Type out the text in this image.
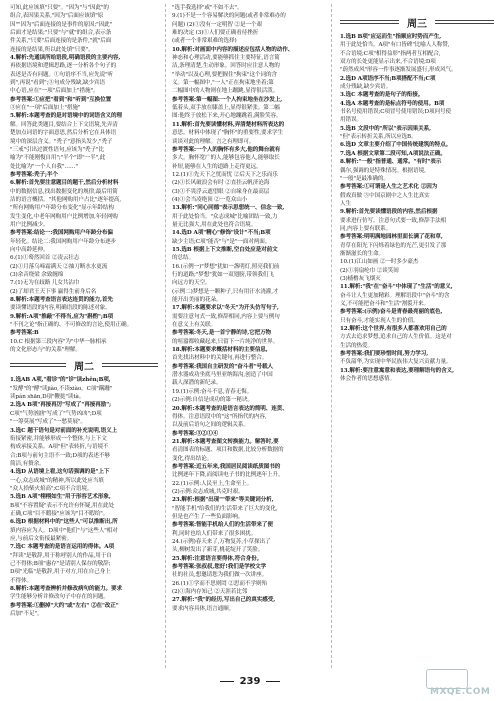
可知,此应该填"只要"。"因为"与"因此"的
组合,表因果关系,"因为"后面应该填"原
因""因为"后面连接的是事件的原因;"因此"
后面才是结果;"只要"与"就"的组合,表示条
件关系,"只要"后面连接的是条件,"就"后面
连接的是结果,所以此处填"只要"。
4.解析:先通读所给语段,明确语段的主要内容,
再依据语境和逻辑思路,逐一分析各个句子的
表述是否有问题。①句语序不当,应先说"听
到",再说"看到";③句成分残缺,缺少宾语
中心语,应在"一项"后面加上"措施"。
参考答案:①应把"看到"和"听到"互换位置
③应在"一项"后面加上"措施"
5.解析:本题考查的是对语境中的词语含义的理
解。回答此类题目,要结合上下文语境,先弄清
楚加点词语的字面意思,然后分析它在具体语
境中的深层含义。"秃子"意指头发少,"秃子
"三戒"引出过渡性语句,应该为"秃子"比
喻为"不能刚愎自用";"半个"即"一半",此
处比喻为"一个人自我"……"
参考答案:秃子;半个
6.解析:首先要注意题目的题干,然后分析材料
中的数据信息,找出数据变化的规律,最后用简
洁的语言概括。"其他网购用户占比"逐年提高,
"所有网购用户年龄分布变化"显示年龄结构
发生变化,中老年网购用户比例增加,年轻网购
用户比例减少。
参考答案:结论一:我国网购用户年龄分布偏
年轻化。结论二:我国网购用户年龄分布逐步
向中高龄延伸。
6.(1)①蓦然回首 ②凌云壮志
(2)①月落乌啼霜满天 ②抽刀断水水更流
(3)余音绕梁 余致缠绵
7.(1)无为在歧路 儿女共沾巾
(2)了却君王天下事 赢得生前身后名
8.解析:本题考查语言表达连贯的能力,首先
要读懂语段的内容,明确语段的陈述对象。
9.解析:A项"推敲"不得当,应为"斟酌";B项
"不刊之论"指正确的、不可修改的言论,使用正确。
参考答案:B
10.C 根据第三段内容"为"中华一脉相承
的文化形态与"的关系"理解。
周二
1.选AB A项,"看诊"的"诊"读zhěn;B项,
"发酵"的"酵"读jiào,不读xiào。C项"蹒跚"
读pán shān,D项"鞭挞"读tà。
2.选A B项"再接再厉"写成了"再接再励";
C项"气势汹汹"写成了"气势凶凶";D项
"一筹莫展"写成了"一愁莫展"。
3.选C 题干语句是对前面的补充说明,语义上
衔接紧密,并能够形成一个整体,与上下文
构成承接关系。A项"但"表转折,与语境不
合;B项与前句主语不一致;D项的表述不够
简洁,有赘余。
4.选D 从语境上看,这句话强调的是"上下
一心,众志成城"的精神,所以此处应当填
"众人拾柴火焰高";C项不合语境。
5.选B A项"栩栩如生"用于形容艺术形象,
B项"不容置疑"表示不允许有怀疑,用在此处
正确,C项"目不暇接"应该为"目不暇给"。
6.选D 根据材料中的"这些人"可以推断出,所
填内容应为人。D项中"他们"与"这些人"相对
应,与前后文衔接最紧密。
7.选C 本题考查的是语言运用的得体。A项
"拜读"是敬辞,用于称呼别人的作品,用于自
己不得体;B项"惠存"是请别人保存的敬辞;
D项"光临"是敬辞,用于对方,用在自己身上
不得体。
8.解析:本题考查辨析并修改病句的能力。要求
学生能够分析并修改句子中存在的问题。
参考答案:①删掉"大约"或"左右" ②在"改正"
后加"不足"。
"选手我选择"或"不如不去"。
9.(1)不是一个容易解决的问题(或者非常难办的
问题) (2)①没有一定明智 ②是一个艰
难的决定 (3)①人们要正确看待挫折
(或者一个非常艰难的选择)
10.解析:对画面中内容的描述应包括人物的动作、
神态和心理活动,要能够抓住主要特征,语言简
洁,条理清楚,生动形象。回答时应注意人物的
"举动"以及心理,要把握住"拘束"这个词的含
义。第一幅图中,"一人"正在拘束地坐着;第
二幅图中的人物则在地上蹦跳,显得很活泼。
参考答案:第一幅图:一个人拘束地坐在沙发上,
低着头,双手放在膝盖上,显得很紧张。第二幅
图:他终于放松下来,开心地蹦跳着,满脸笑容。
11.解析:首先要读懂材料,弄清楚材料所表达的
意思。材料中体现了"胸怀"的重要性,要求学生
谈谈对此的理解。言之有理即可。
参考答案:一个人的胸怀有多大,他的舞台就有
多大。胸怀宽广的人,能够包容他人,能够取长
补短,能够在人生的道路上走得更远。
12.(1)①先天下之忧而忧 ②后天下之乐而乐
(2)①长风破浪会有时 ②直挂云帆济沧海
(3)①不畏浮云遮望眼 ②自缘身在最高层
(4)①会当凌绝顶 ②一览众山小
13.解析:"同心同德"表示思想统一、信念一致,
用于此处恰当。"众志成城"比喻团结一致,力
量无比强大,用在此处也符合语境。
14.选D A项"精心"修饰"设计"不当;B项
缺少主语;C项"能否"与"是"一面对两面。
15.选B 根据上下文推断,空白处应是对前文
的总结。
16.(示例一)"梦想"犹如一盏明灯,照亮我们前
行的道路;"梦想"犹如一双翅膀,带领我们飞
向远方的天空。
(示例二)梦想是一颗种子,只有用汗水浇灌,才
能开出美丽的花朵。
17.解析:本题要求以"冬天"为开头仿写句子,
需要注意句式一致,修辞相同,内容上要与例句
在意义上有关联。
参考答案:冬天,是一首宁静的诗,它把万物
的喧嚣都收藏起来,只留下一片纯净的世界。
18.解析:本题要求概括材料的主要信息,
首先找出材料中的关键句,再进行整合。
参考答案:我国自主研发的"奋斗者"号载人
潜水器成功坐底马里亚纳海沟,创造了中国
载人深潜的新纪录。
19.(1)示例:奋斗不息,青春无悔。
(2)示例:自信是成功的第一秘诀。
20.解析:本题考查的是语言表达的简明、连贯、
得体。注意语段中的"这"所指代的内容,
以及前后语句之间的逻辑关系。
参考答案:③②①④
21.解析:本题考查图文转换能力。解答时,要
看清图表的标题、项目和数据,比较分析数据的
变化,得出结论。
参考答案:近五年来,我国居民阅读纸质图书的
比例逐年下降,而阅读电子书的比例逐年上升。
22.(1)示例:人民至上,生命至上。
(2)示例:众志成城,共克时艰。
23.解析:根据"出现""带来"等关键词分析,
"智能手机"给我们的生活带来了巨大的变化,
但是也产生了一些负面影响。
参考答案:智能手机给人们的生活带来了便
利,同时也给人们带来了很多困扰。
24.(示例)春天来了,万物复苏,小草探出了
头,柳树发出了新芽,桃花绽开了笑脸。
25.解析:注意语言要得体,符合身份。
参考答案:张叔叔,您好!我们是学校文学
社的社员,想邀请您为我们做一次讲座。
26.(1)①学而不思则罔 ②思而不学则殆
(2)①海内存知己 ②天涯若比邻
27.解析:"我"的经历,写出自己的真实感受,
要求内容具体,语言通顺。
周三
1.选B B项"应运而生"指顺应时势而产生,
用于此处恰当。A项"有口皆碑"比喻人人称赞,
不合语境;C项"相得益彰"指两者互相配合,
双方的长处更能显示出来,不合语境;D项
"蔚然成风"形容一件事逐渐发展盛行,形成风气。
2.选D A项语序不当;B项搭配不当;C项
成分残缺,缺少宾语。
3.选C 本题考查的是句子的衔接。
4.选A 本题考查的是标点符号的使用。B项
书名号使用错误;C项冒号使用错误;D项问号使
用错误。
5.选B 文段中的"所以"表示因果关系,
"但"表示转折关系,所以应选B。
6.选D 文章主要介绍了中国传统建筑的特点。
7.选A 根据文章第二段可知,A项说法正确。
8.解析:"一般"指普通、通常。"有时"表示
偶尔,强调的是特殊情况。根据语境,
"一般"是最准确的。
参考答案:①可谓是人生之艺术化 ②因为
假戏真做 ③中国京剧中之人生比真实
人生
9.解析:首先要读懂语段的内容,然后根据
要求进行仿写。注意句式要一致,修辞手法相
同,内容上要有联系。
参考答案:明明满地园林里面长满了花和草,
青草在阳光下闪烁着绿色的光芒,更引发了那
渐渐滋长的生命。
10.(1)江山如画 ②一时多少豪杰
(2)①羽扇纶巾 ②谈笑间
(3)樯橹灰飞烟灭
11.解析:"我"在"奋斗"中体现了"生活"的意义,
奋斗让人生更加精彩。理解语段中"奋斗"的含
义,不可能把奋斗和"生活"割裂开来。
参考答案:(示例)奋斗是青春最亮丽的底色,
只有奋斗,才能实现人生的价值。
12.解析:这个世界,有很多人都喜欢用自己的
方式去追求梦想,追求自己的人生价值。这是对
生活的热爱。
参考答案:我们要珍惜时间,努力学习,
不负韶华,为实现中华民族伟大复兴贡献力量。
13.解析:要注意寓意和表达,要理解语句的含义,
体会作者的思想感情。
239
MXQE.COM
